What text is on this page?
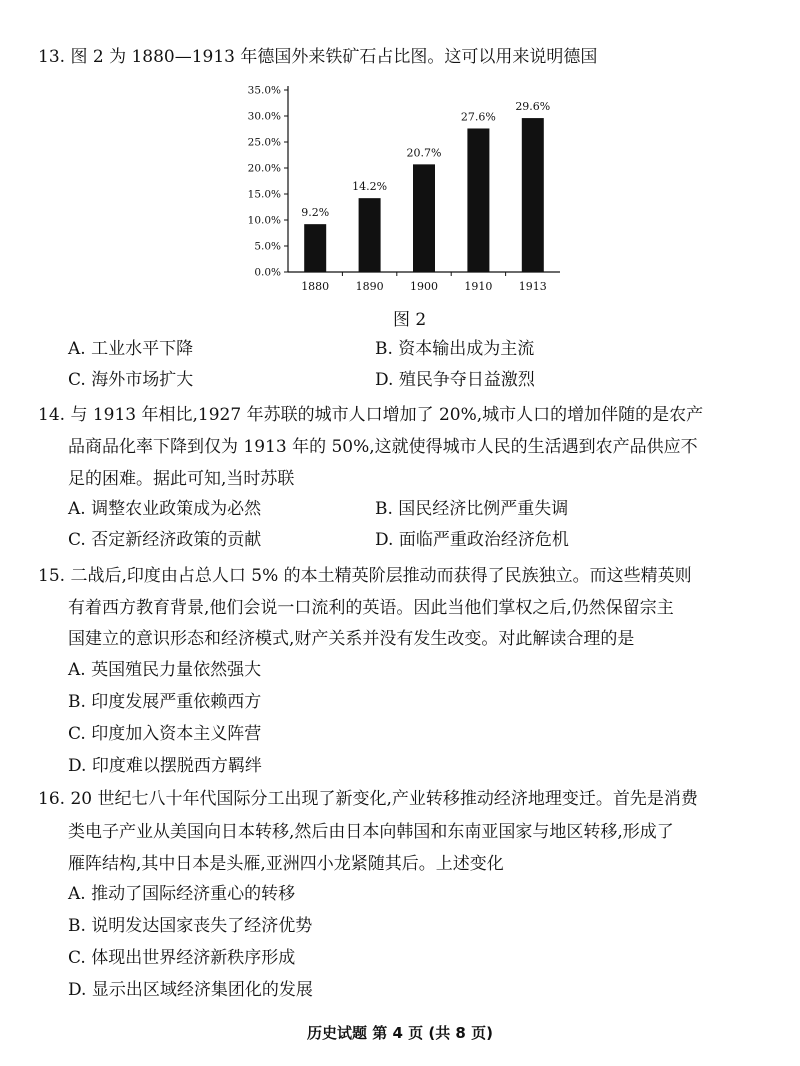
13. 图 2 为 1880—1913 年德国外来铁矿石占比图。这可以用来说明德国
0.0%
5.0%
10.0%
15.0%
20.0%
25.0%
30.0%
35.0%
9.2%
14.2%
20.7%
27.6%
29.6%
1880 1890 1900 1910 1913
图 2
A. 工业水平下降	B. 资本输出成为主流
C. 海外市场扩大	D. 殖民争夺日益激烈
14. 与 1913 年相比,1927 年苏联的城市人口增加了 20%,城市人口的增加伴随的是农产
品商品化率下降到仅为 1913 年的 50%,这就使得城市人民的生活遇到农产品供应不
足的困难。据此可知,当时苏联
A. 调整农业政策成为必然	B. 国民经济比例严重失调
C. 否定新经济政策的贡献	D. 面临严重政治经济危机
15. 二战后,印度由占总人口 5% 的本土精英阶层推动而获得了民族独立。而这些精英则
有着西方教育背景,他们会说一口流利的英语。因此当他们掌权之后,仍然保留宗主
国建立的意识形态和经济模式,财产关系并没有发生改变。对此解读合理的是
A. 英国殖民力量依然强大
B. 印度发展严重依赖西方
C. 印度加入资本主义阵营
D. 印度难以摆脱西方羁绊
16. 20 世纪七八十年代国际分工出现了新变化,产业转移推动经济地理变迁。首先是消费
类电子产业从美国向日本转移,然后由日本向韩国和东南亚国家与地区转移,形成了
雁阵结构,其中日本是头雁,亚洲四小龙紧随其后。上述变化
A. 推动了国际经济重心的转移
B. 说明发达国家丧失了经济优势
C. 体现出世界经济新秩序形成
D. 显示出区域经济集团化的发展
历史试题 第 4 页 (共 8 页)
